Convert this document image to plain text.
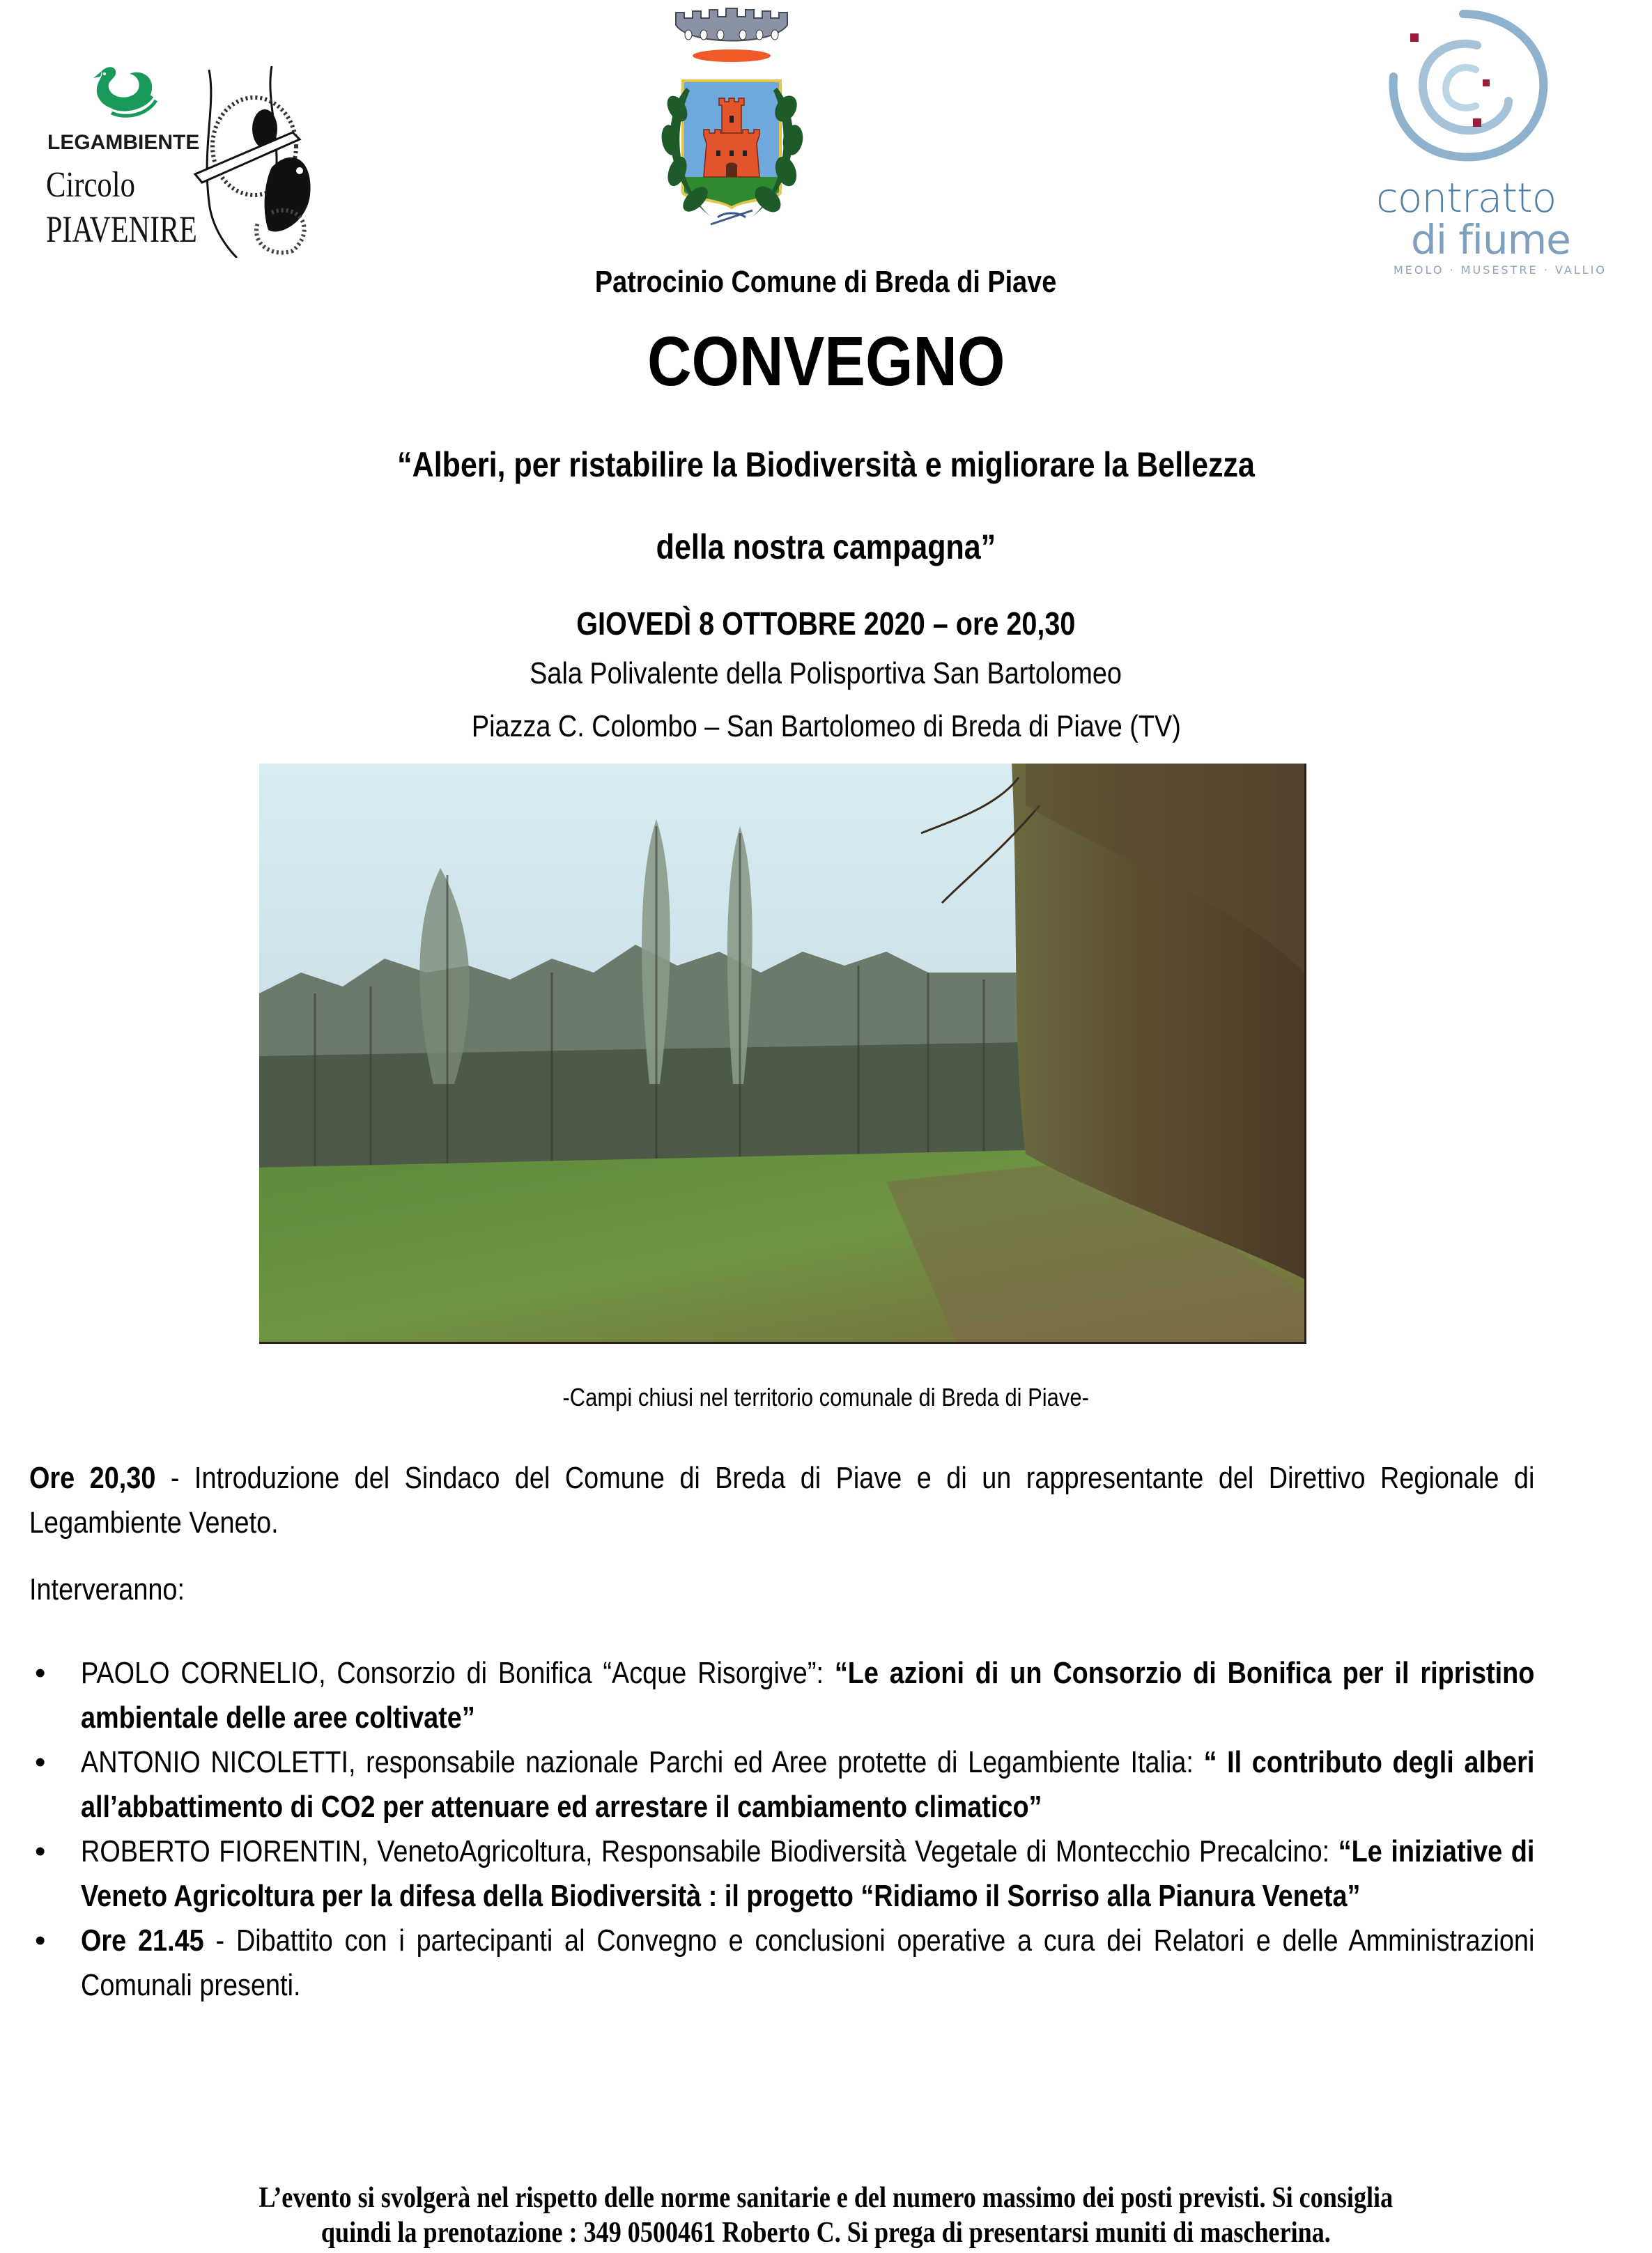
LEGAMBIENTE
Circolo
PIAVENIRE
contratto
di fiume
MEOLO · MUSESTRE · VALLIO
Patrocinio Comune di Breda di Piave
CONVEGNO
“Alberi, per ristabilire la Biodiversità e migliorare la Bellezza
della nostra campagna”
GIOVEDÌ 8 OTTOBRE 2020 – ore 20,30
Sala Polivalente della Polisportiva San Bartolomeo
Piazza C. Colombo – San Bartolomeo di Breda di Piave (TV)
-Campi chiusi nel territorio comunale di Breda di Piave-
Ore 20,30 - Introduzione del Sindaco del Comune di Breda di Piave e di un rappresentante del Direttivo Regionale di Legambiente Veneto.
Interveranno:
• PAOLO CORNELIO, Consorzio di Bonifica “Acque Risorgive”: “Le azioni di un Consorzio di Bonifica per il ripristino ambientale delle aree coltivate”
• ANTONIO NICOLETTI, responsabile nazionale Parchi ed Aree protette di Legambiente Italia: “ Il contributo degli alberi all’abbattimento di CO2 per attenuare ed arrestare il cambiamento climatico”
• ROBERTO FIORENTIN, VenetoAgricoltura, Responsabile Biodiversità Vegetale di Montecchio Precalcino: “Le iniziative di Veneto Agricoltura per la difesa della Biodiversità : il progetto “Ridiamo il Sorriso alla Pianura Veneta”
• Ore 21.45 - Dibattito con i partecipanti al Convegno e conclusioni operative a cura dei Relatori e delle Amministrazioni Comunali presenti.
L’evento si svolgerà nel rispetto delle norme sanitarie e del numero massimo dei posti previsti. Si consiglia
quindi la prenotazione : 349 0500461 Roberto C. Si prega di presentarsi muniti di mascherina.
